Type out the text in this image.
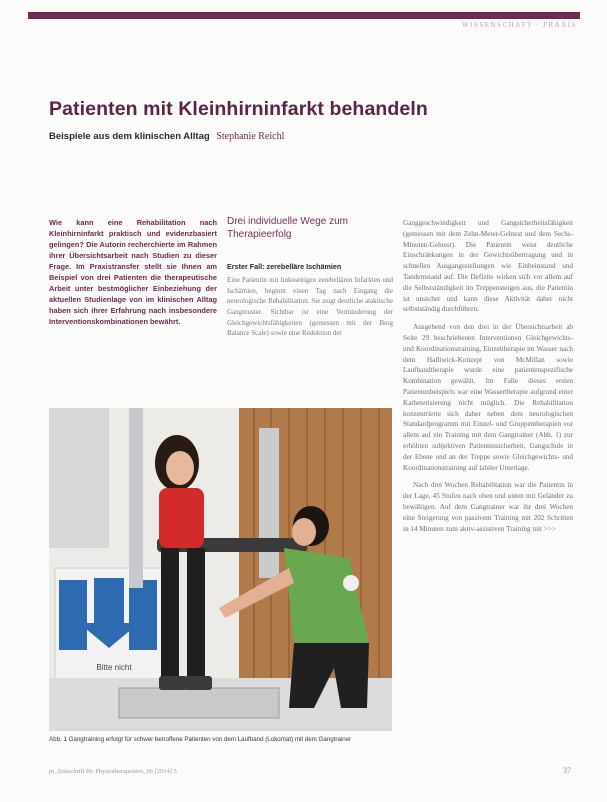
WISSENSCHAFT · PRAXIS
Patienten mit Kleinhirninfarkt behandeln
Beispiele aus dem klinischen Alltag Stephanie Reichl

Wie kann eine Rehabilitation nach Kleinhirninfarkt praktisch und evidenzbasiert gelingen? Die Autorin recherchierte im Rahmen ihrer Übersichtsarbeit nach Studien zu dieser Frage. Im Praxistransfer stellt sie Ihnen am Beispiel von drei Patienten die therapeutische Arbeit unter bestmöglicher Einbeziehung der aktuellen Studienlage von im klinischen Alltag haben sich ihrer Erfahrung nach insbesondere Interventionskombinationen bewährt.

Drei individuelle Wege zum Therapieerfolg
Erster Fall: zerebelläre Ischämien

Eine Patientin mit linksseitigen zerebellären Infarkten und Ischämien, beginnt einen Tag nach Eingang die neurologische Rehabilitation. Sie zeigt deutliche ataktische Gangmuster. Sichtbar ist eine Verminderung der Gleichgewichtsfähigkeiten (gemessen mit der Berg Balance Scale) sowie eine Reduktion der

Ganggeschwindigkeit und Gangsicherheitsfähigkeit (gemessen mit dem Zehn-Meter-Gehtest und dem Sechs-Minuten-Gehtest). Die Patientin weist deutliche Einschränkungen in der Gewichtsübertragung und in schnellen Ausgangsstellungen wie Einbeinstand und Tandemstand auf. Die Defizite wirken sich vor allem auf die Selbstständigkeit im Treppensteigen aus, die Patientin ist unsicher und kann diese Aktivität daher nicht selbstständig durchführen.

Ausgehend von den drei in der Übersichtsarbeit ab Seite 29 beschriebenen Interventionen Gleichgewichts- und Koordinationstraining, Einzeltherapie im Wasser nach dem Halliwick-Konzept von McMillan sowie Laufbandtherapie wurde eine patientenspezifische Kombination gewählt. Im Falle dieses ersten Patientenbeispiels war eine Wassertherapie aufgrund einer Katheterisierung nicht möglich. Die Rehabilitation konzentrierte sich daher neben dem neurologischen Standardprogramm mit Einzel- und Gruppentherapien vor allem auf ein Training mit dem Gangtrainer (Abb. 1) zur erhöhten subjektiven Patientensicherheit, Gangschule in der Ebene und an der Treppe sowie Gleichgewichts- und Koordinationstraining auf labiler Unterlage.

Nach drei Wochen Rehabilitation war die Patientin in der Lage, 45 Stufen nach oben und unten mit Geländer zu bewältigen. Auf dem Gangtrainer war ihr drei Wochen eine Steigerung von passivem Training mit 202 Schritten in 14 Minuten zum aktiv-assistiven Training mit >>>

Bitte nicht

Abb. 1 Gangtraining erfolgt für schwer betroffene Patienten von dem Laufband (Lokomat) mit dem Gangtrainer

pt_Zeitschrift für Physiotherapeuten_66 [2014] 5	37
